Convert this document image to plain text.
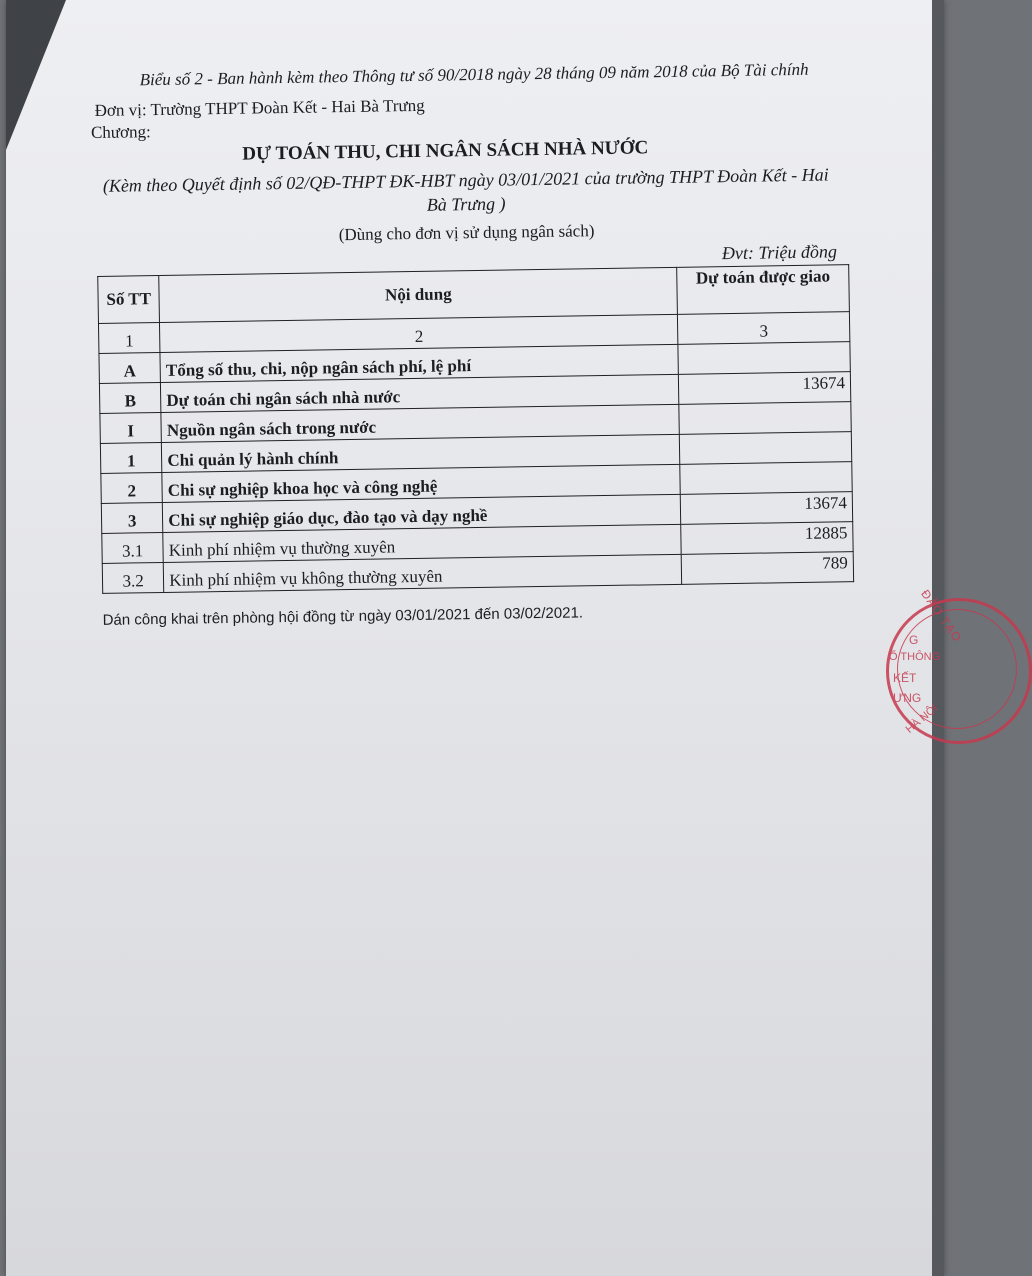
Biểu số 2 - Ban hành kèm theo Thông tư số 90/2018 ngày 28 tháng 09 năm 2018 của Bộ Tài chính
Đơn vị: Trường THPT Đoàn Kết - Hai Bà Trưng
Chương:
DỰ TOÁN THU, CHI NGÂN SÁCH NHÀ NƯỚC
(Kèm theo Quyết định số 02/QĐ-THPT ĐK-HBT ngày 03/01/2021 của trường THPT Đoàn Kết - Hai Bà Trưng )
(Dùng cho đơn vị sử dụng ngân sách)
Đvt: Triệu đồng
Số TT	Nội dung	Dự toán được giao
1	2	3
A	Tổng số thu, chi, nộp ngân sách phí, lệ phí	
B	Dự toán chi ngân sách nhà nước	13674
I	Nguồn ngân sách trong nước	
1	Chi quản lý hành chính	
2	Chi sự nghiệp khoa học và công nghệ	
3	Chi sự nghiệp giáo dục, đào tạo và dạy nghề	13674
3.1	Kinh phí nhiệm vụ thường xuyên	12885
3.2	Kinh phí nhiệm vụ không thường xuyên	789
Dán công khai trên phòng hội đồng từ ngày 03/01/2021 đến 03/02/2021.	ĐÀO TẠO
G
Ổ THÔNG
KẾT
ƯNG
HÀ NỘI
